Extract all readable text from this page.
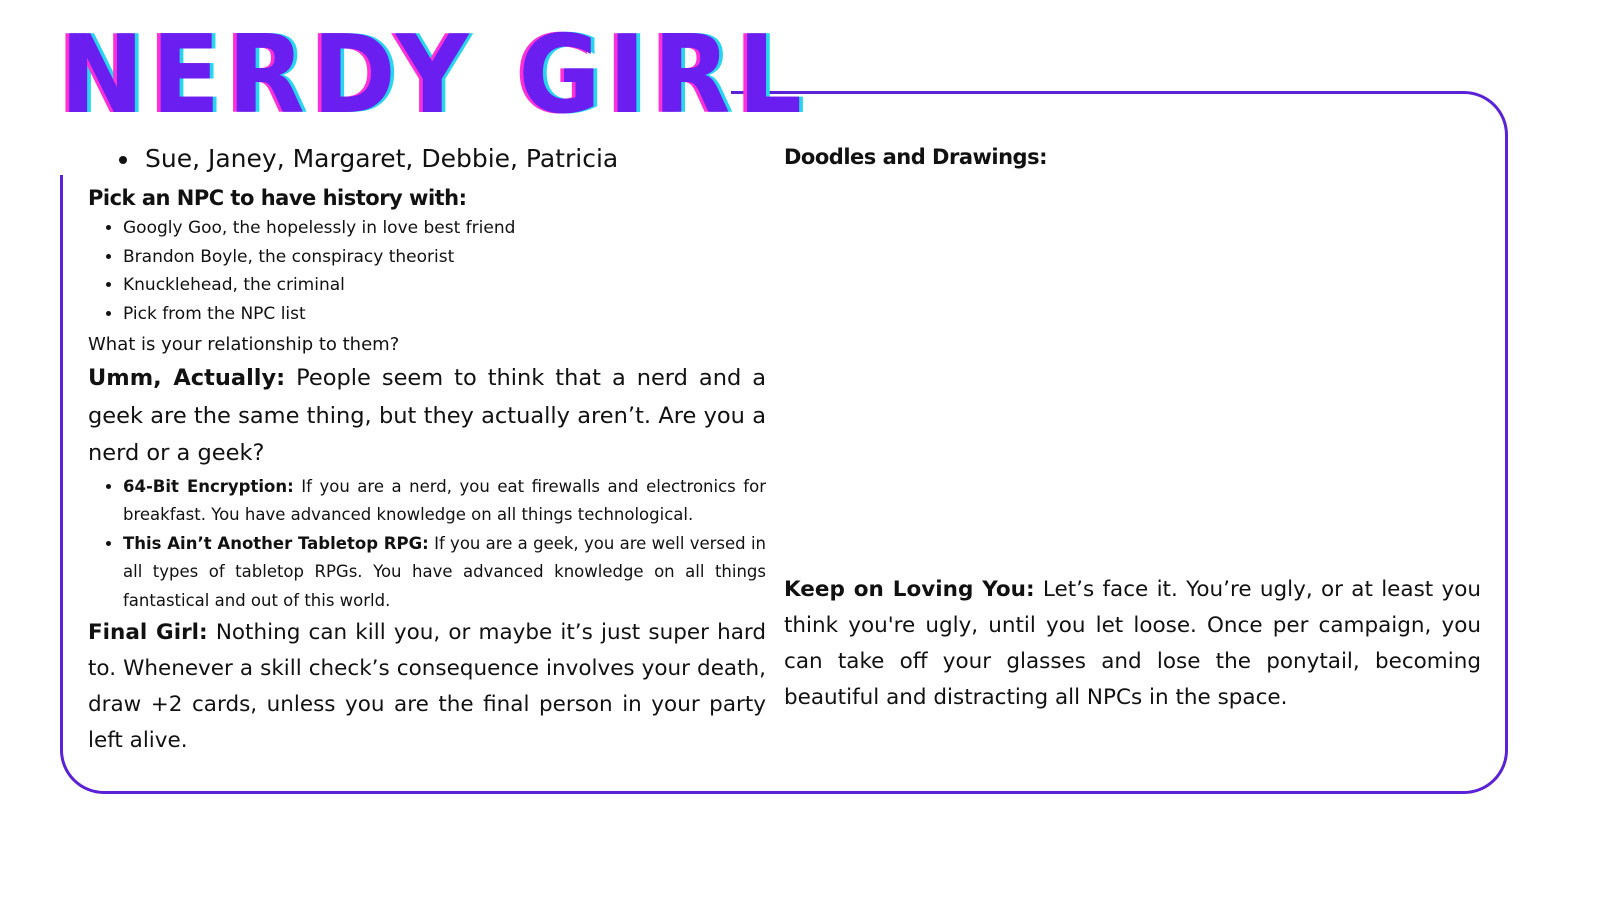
NERDY GIRL
• Sue, Janey, Margaret, Debbie, Patricia

Pick an NPC to have history with:

• Googly Goo, the hopelessly in love best friend
• Brandon Boyle, the conspiracy theorist
• Knucklehead, the criminal
• Pick from the NPC list

What is your relationship to them?

Umm, Actually: People seem to think that a nerd and a geek are the same thing, but they actually aren’t. Are you a nerd or a geek?

• 64-Bit Encryption: If you are a nerd, you eat firewalls and electronics for breakfast. You have advanced knowledge on all things technological.
• This Ain’t Another Tabletop RPG: If you are a geek, you are well versed in all types of tabletop RPGs. You have advanced knowledge on all things fantastical and out of this world.

Final Girl: Nothing can kill you, or maybe it’s just super hard to. Whenever a skill check’s consequence involves your death, draw +2 cards, unless you are the final person in your party left alive.

Doodles and Drawings:

Keep on Loving You: Let’s face it. You’re ugly, or at least you think you're ugly, until you let loose. Once per campaign, you can take off your glasses and lose the ponytail, becoming beautiful and distracting all NPCs in the space.
